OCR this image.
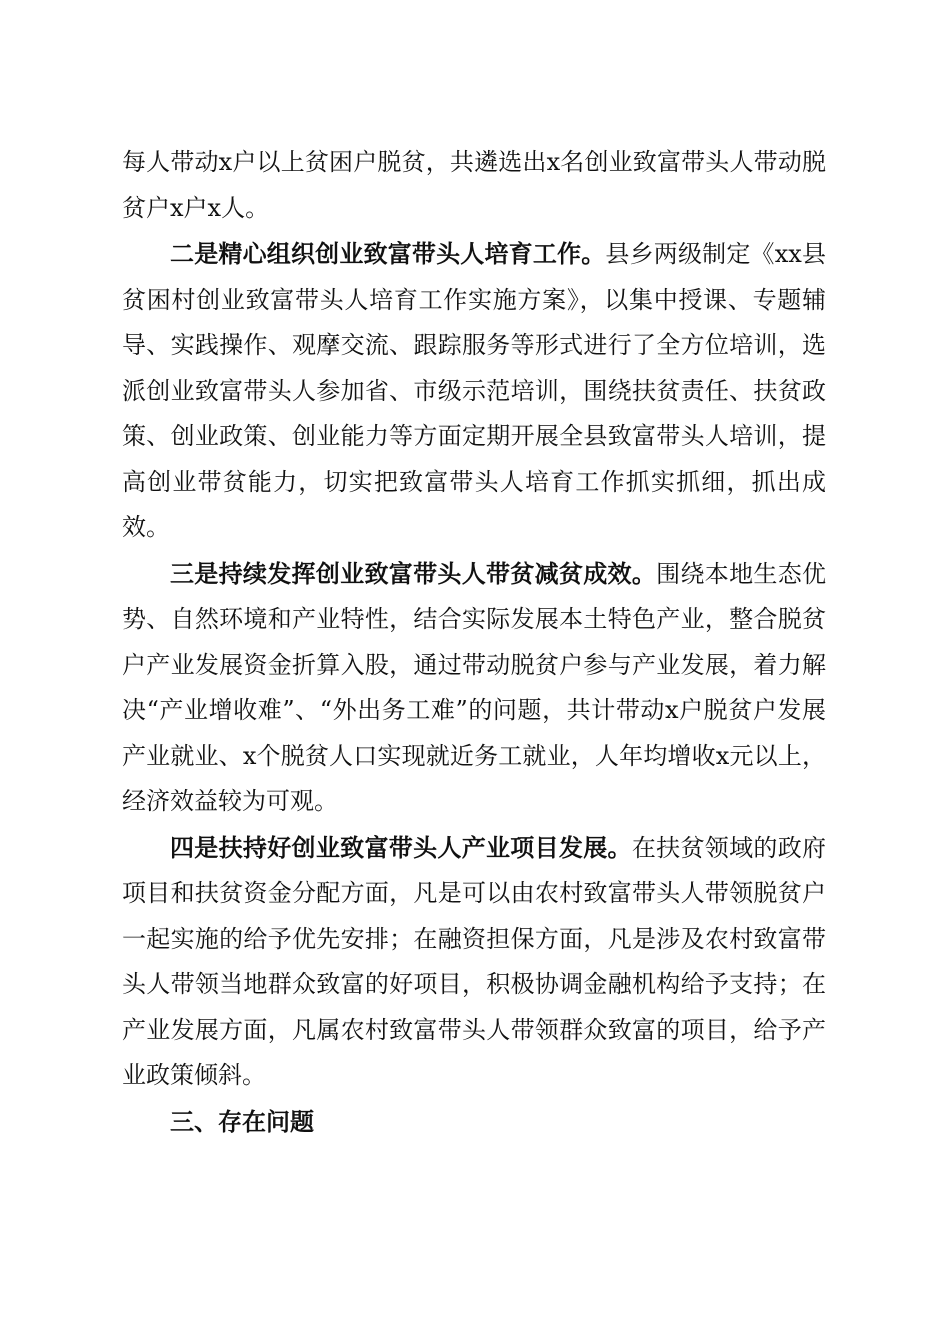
每人带动x户以上贫困户脱贫，共遴选出x名创业致富带头人带动脱贫户x户x人。

二是精心组织创业致富带头人培育工作。县乡两级制定《xx县贫困村创业致富带头人培育工作实施方案》，以集中授课、专题辅导、实践操作、观摩交流、跟踪服务等形式进行了全方位培训，选派创业致富带头人参加省、市级示范培训，围绕扶贫责任、扶贫政策、创业政策、创业能力等方面定期开展全县致富带头人培训，提高创业带贫能力，切实把致富带头人培育工作抓实抓细，抓出成效。

三是持续发挥创业致富带头人带贫减贫成效。围绕本地生态优势、自然环境和产业特性，结合实际发展本土特色产业，整合脱贫户产业发展资金折算入股，通过带动脱贫户参与产业发展，着力解决“产业增收难”、“外出务工难”的问题，共计带动x户脱贫户发展产业就业、x个脱贫人口实现就近务工就业，人年均增收x元以上，经济效益较为可观。

四是扶持好创业致富带头人产业项目发展。在扶贫领域的政府项目和扶贫资金分配方面，凡是可以由农村致富带头人带领脱贫户一起实施的给予优先安排；在融资担保方面，凡是涉及农村致富带头人带领当地群众致富的好项目，积极协调金融机构给予支持；在产业发展方面，凡属农村致富带头人带领群众致富的项目，给予产业政策倾斜。

三、存在问题
